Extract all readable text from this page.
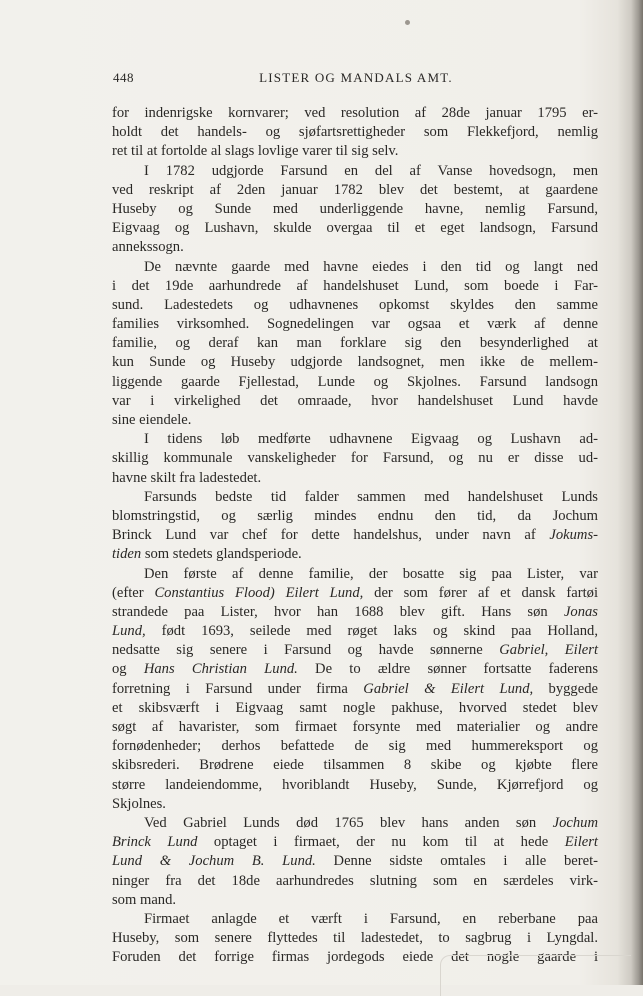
448	LISTER OG MANDALS AMT.
for indenrigske kornvarer; ved resolution af 28de januar 1795 er-
holdt det handels- og sjøfartsrettigheder som Flekkefjord, nemlig
ret til at fortolde al slags lovlige varer til sig selv.
I 1782 udgjorde Farsund en del af Vanse hovedsogn, men
ved reskript af 2den januar 1782 blev det bestemt, at gaardene
Huseby og Sunde med underliggende havne, nemlig Farsund,
Eigvaag og Lushavn, skulde overgaa til et eget landsogn, Farsund
annekssogn.
De nævnte gaarde med havne eiedes i den tid og langt ned
i det 19de aarhundrede af handelshuset Lund, som boede i Far-
sund. Ladestedets og udhavnenes opkomst skyldes den samme
families virksomhed. Sognedelingen var ogsaa et værk af denne
familie, og deraf kan man forklare sig den besynderlighed at
kun Sunde og Huseby udgjorde landsognet, men ikke de mellem-
liggende gaarde Fjellestad, Lunde og Skjolnes. Farsund landsogn
var i virkelighed det omraade, hvor handelshuset Lund havde
sine eiendele.
I tidens løb medførte udhavnene Eigvaag og Lushavn ad-
skillig kommunale vanskeligheder for Farsund, og nu er disse ud-
havne skilt fra ladestedet.
Farsunds bedste tid falder sammen med handelshuset Lunds
blomstringstid, og særlig mindes endnu den tid, da Jochum
Brinck Lund var chef for dette handelshus, under navn af Jokums-
tiden som stedets glandsperiode.
Den første af denne familie, der bosatte sig paa Lister, var
(efter Constantius Flood) Eilert Lund, der som fører af et dansk fartøi
strandede paa Lister, hvor han 1688 blev gift. Hans søn Jonas
Lund, født 1693, seilede med røget laks og skind paa Holland,
nedsatte sig senere i Farsund og havde sønnerne Gabriel, Eilert
og Hans Christian Lund. De to ældre sønner fortsatte faderens
forretning i Farsund under firma Gabriel & Eilert Lund, byggede
et skibsværft i Eigvaag samt nogle pakhuse, hvorved stedet blev
søgt af havarister, som firmaet forsynte med materialier og andre
fornødenheder; derhos befattede de sig med hummereksport og
skibsrederi. Brødrene eiede tilsammen 8 skibe og kjøbte flere
større landeiendomme, hvoriblandt Huseby, Sunde, Kjørrefjord og
Skjolnes.
Ved Gabriel Lunds død 1765 blev hans anden søn Jochum
Brinck Lund optaget i firmaet, der nu kom til at hede Eilert
Lund & Jochum B. Lund. Denne sidste omtales i alle beret-
ninger fra det 18de aarhundredes slutning som en særdeles virk-
som mand.
Firmaet anlagde et værft i Farsund, en reberbane paa
Huseby, som senere flyttedes til ladestedet, to sagbrug i Lyngdal.
Foruden det forrige firmas jordegods eiede det nogle gaarde i
